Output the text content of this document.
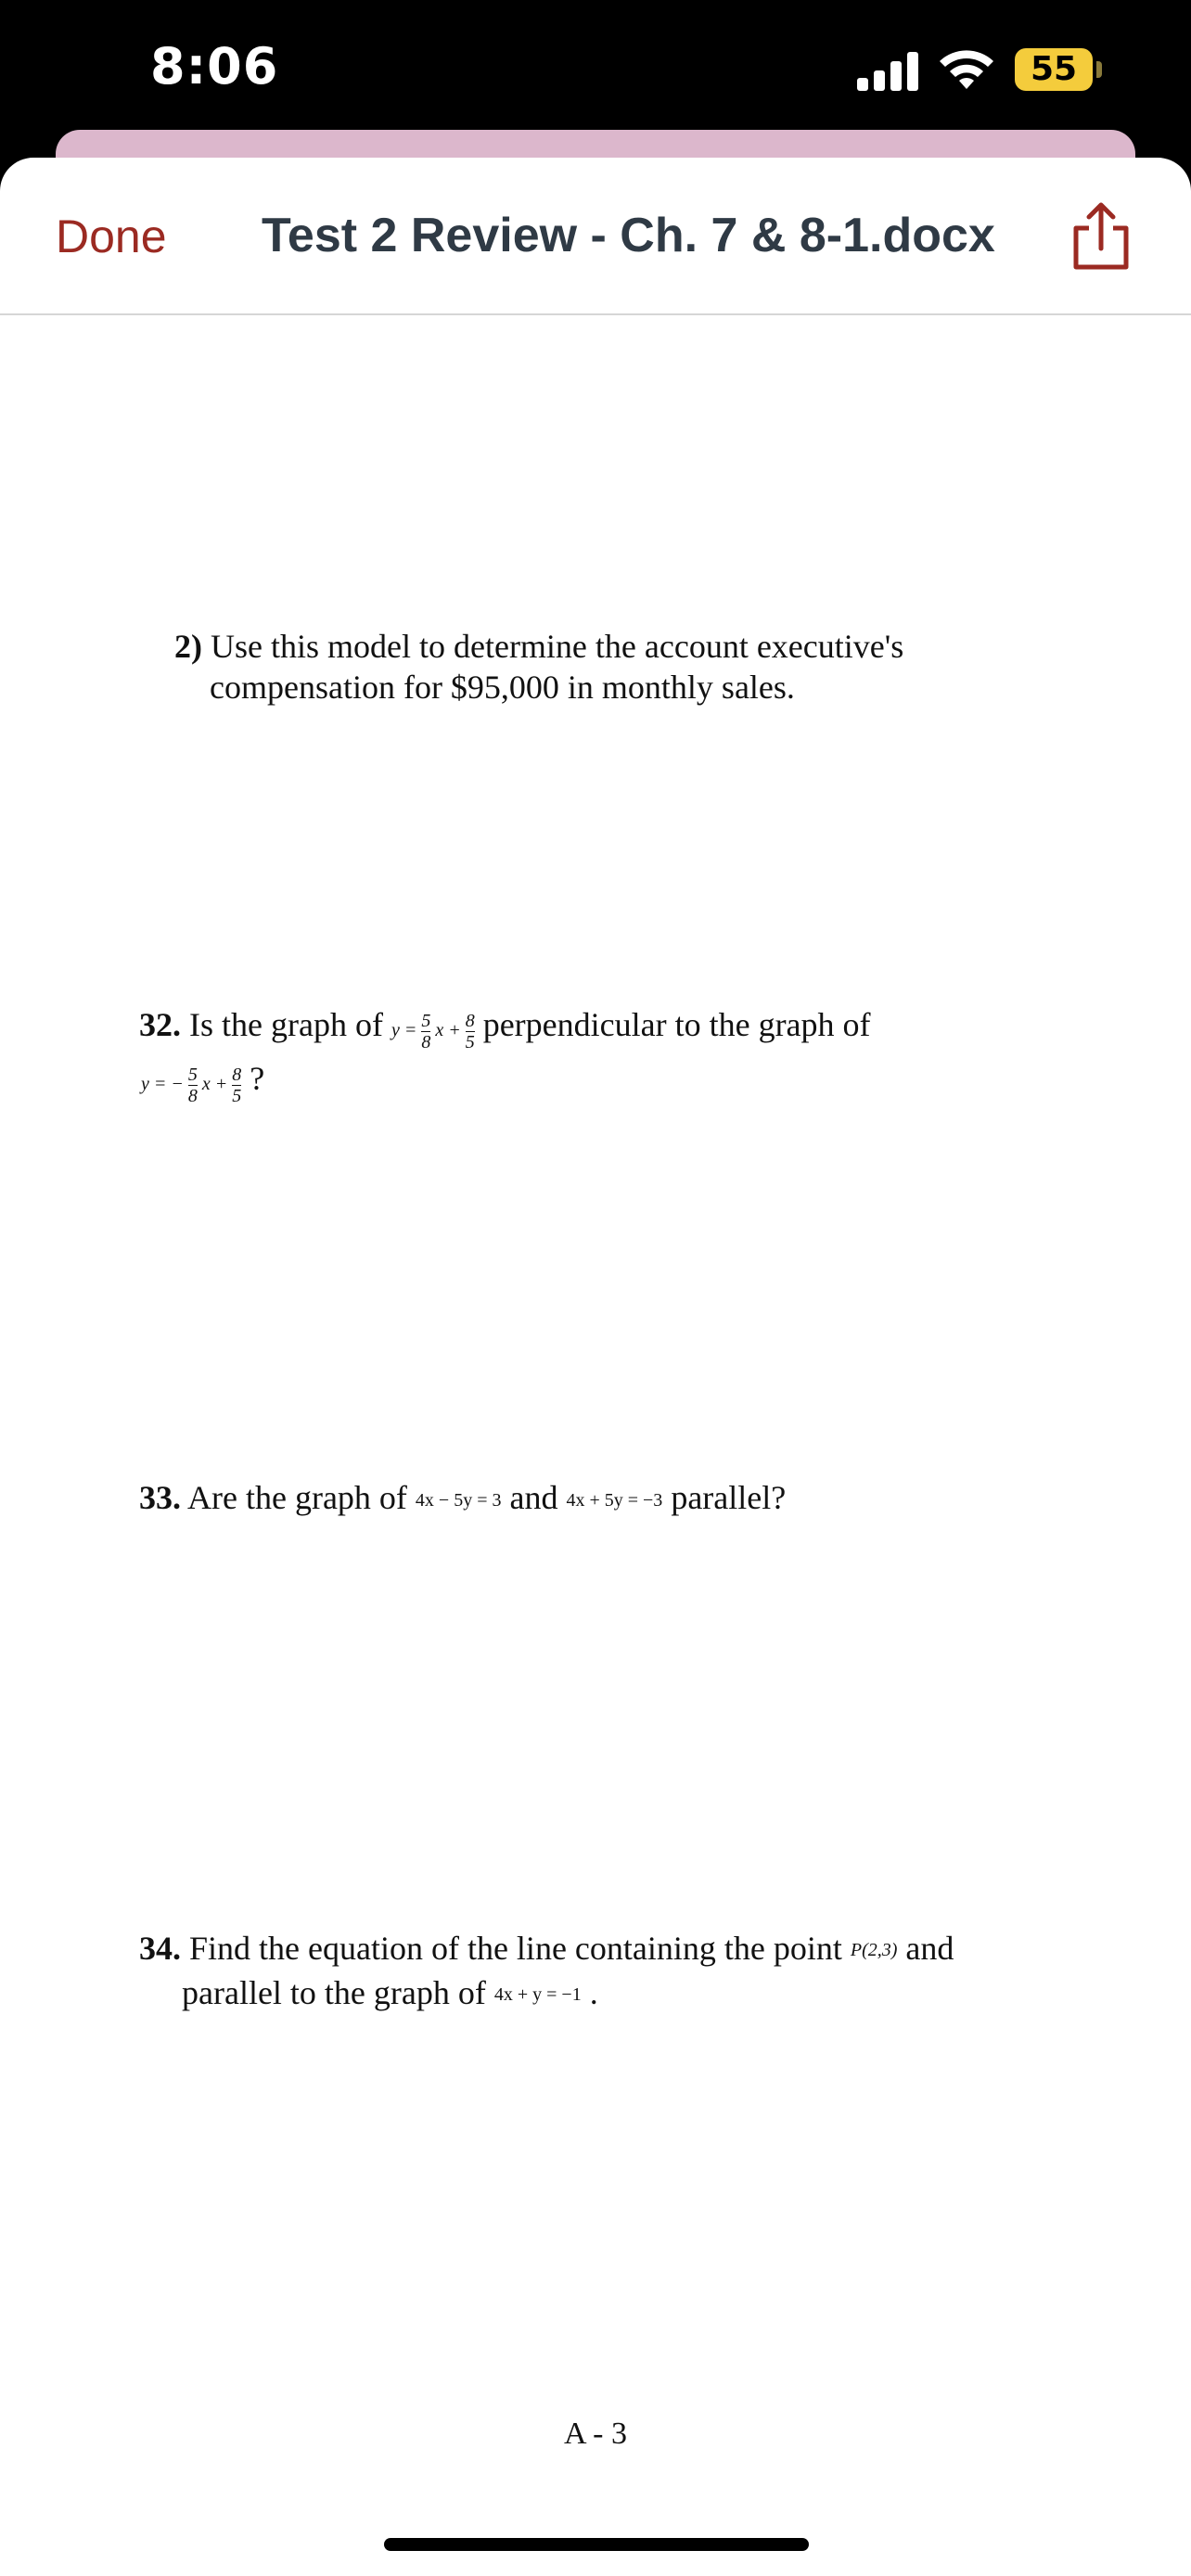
8:06	55
Done Test 2 Review - Ch. 7 & 8-1.docx
2) Use this model to determine the account executive's
compensation for $95,000 in monthly sales.
32. Is the graph of $y = \frac{5}{8}$ $x + \frac{8}{5}$ perpendicular to the graph of
y = − $\frac{5}{8}$ $x + \frac{8}{5}$ ?
33. Are the graph of 4x − 5y = 3 and 4x + 5y = −3 parallel?
34. Find the equation of the line containing the point P(2,3) and
parallel to the graph of 4x + y = −1 .
A - 3
